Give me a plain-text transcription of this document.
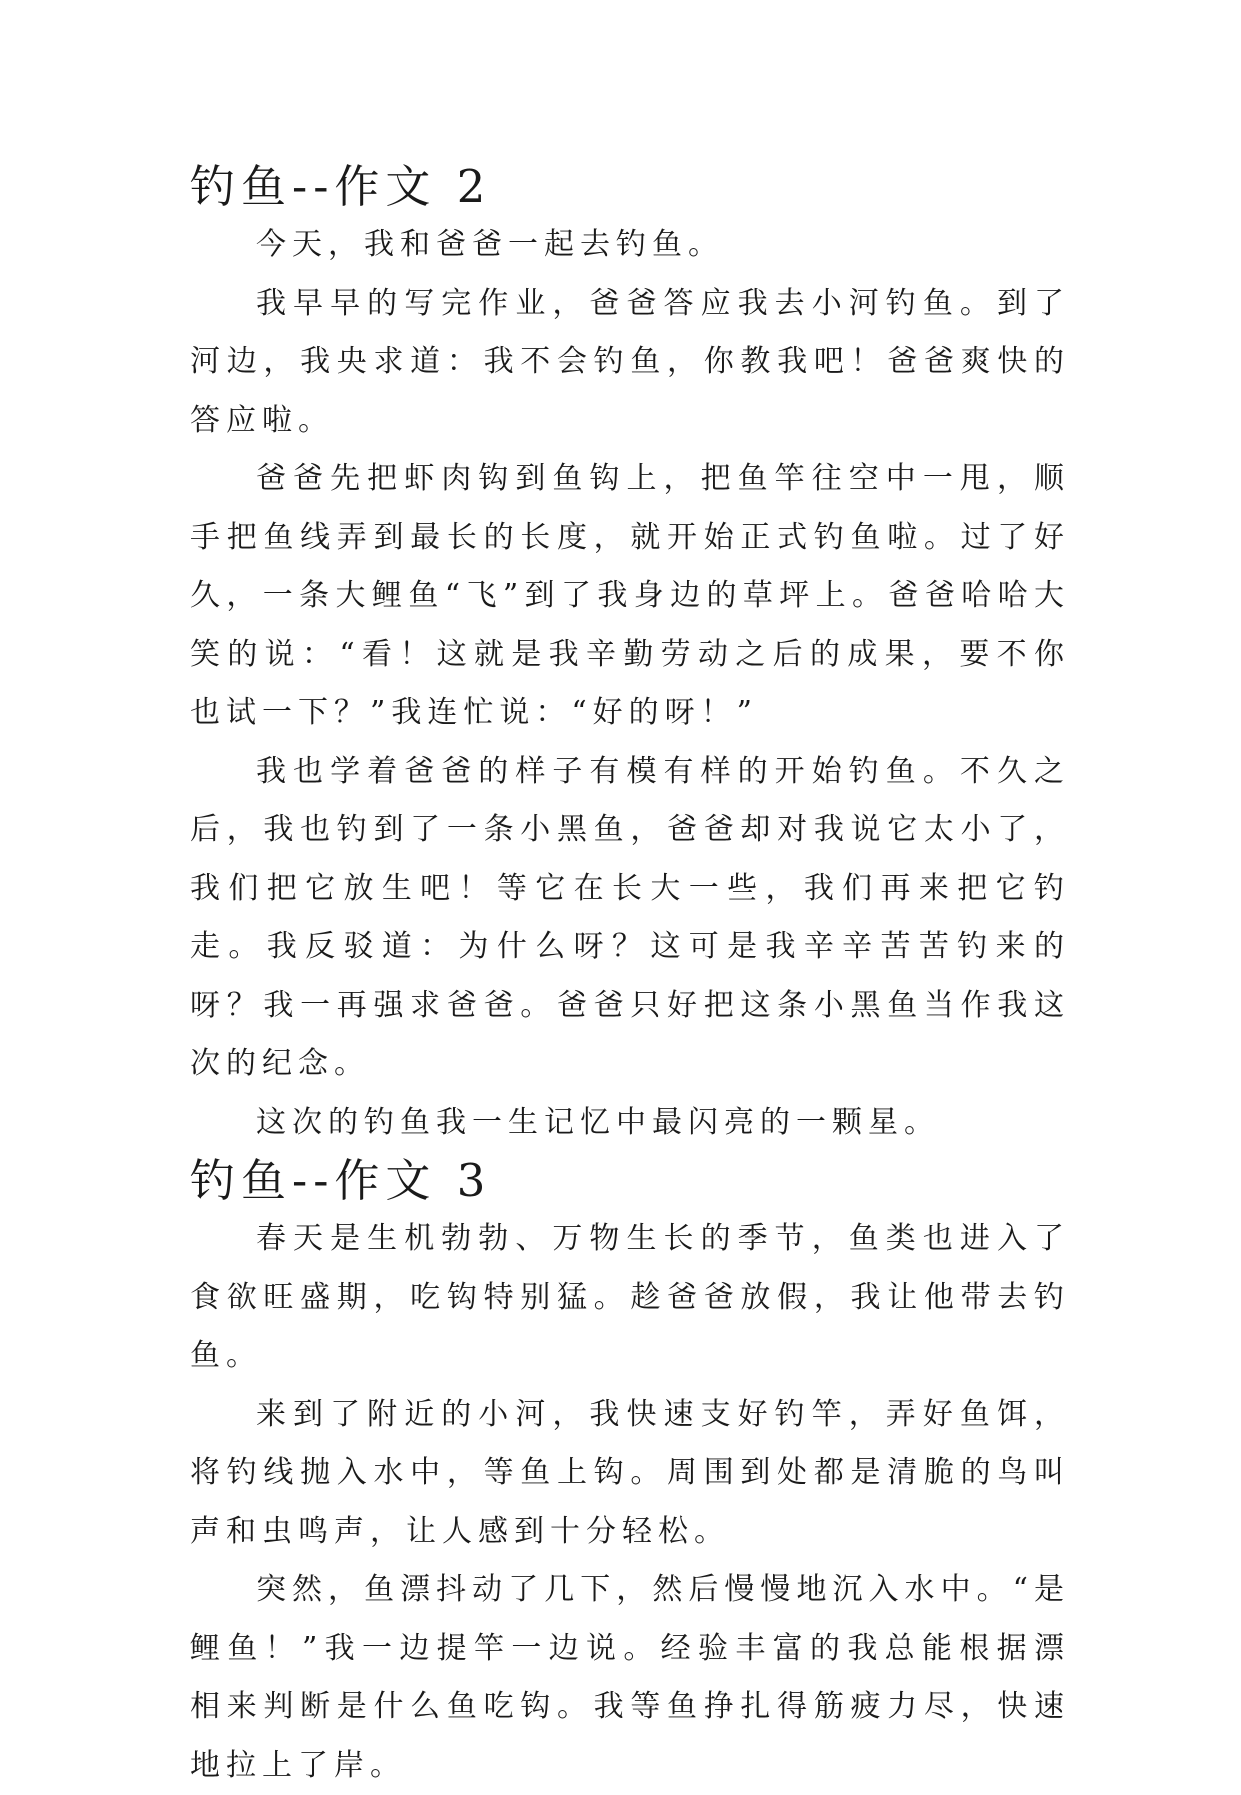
钓鱼--作文 2

今天，我和爸爸一起去钓鱼。

我早早的写完作业，爸爸答应我去小河钓鱼。到了河边，我央求道：我不会钓鱼，你教我吧！爸爸爽快的答应啦。

爸爸先把虾肉钩到鱼钩上，把鱼竿往空中一甩，顺手把鱼线弄到最长的长度，就开始正式钓鱼啦。过了好久，一条大鲤鱼“飞”到了我身边的草坪上。爸爸哈哈大笑的说：“看！这就是我辛勤劳动之后的成果，要不你也试一下？”我连忙说：“好的呀！”

我也学着爸爸的样子有模有样的开始钓鱼。不久之后，我也钓到了一条小黑鱼，爸爸却对我说它太小了，我们把它放生吧！等它在长大一些，我们再来把它钓走。我反驳道：为什么呀？这可是我辛辛苦苦钓来的呀？我一再强求爸爸。爸爸只好把这条小黑鱼当作我这次的纪念。

这次的钓鱼我一生记忆中最闪亮的一颗星。

钓鱼--作文 3

春天是生机勃勃、万物生长的季节，鱼类也进入了食欲旺盛期，吃钩特别猛。趁爸爸放假，我让他带去钓鱼。

来到了附近的小河，我快速支好钓竿，弄好鱼饵，将钓线抛入水中，等鱼上钩。周围到处都是清脆的鸟叫声和虫鸣声，让人感到十分轻松。

突然，鱼漂抖动了几下，然后慢慢地沉入水中。“是鲤鱼！”我一边提竿一边说。经验丰富的我总能根据漂相来判断是什么鱼吃钩。我等鱼挣扎得筋疲力尽，快速地拉上了岸。
